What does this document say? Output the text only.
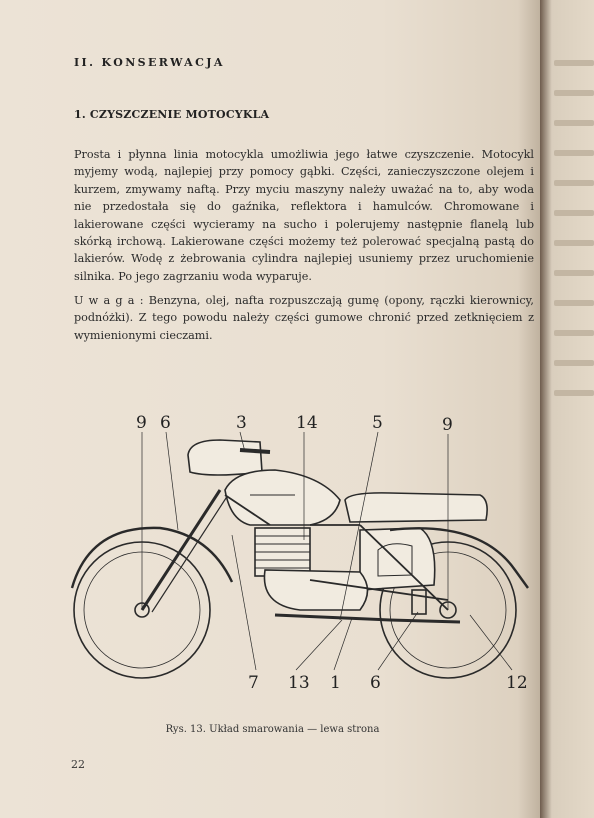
II. KONSERWACJA
1. CZYSZCZENIE MOTOCYKLA
Prosta i płynna linia motocykla umożliwia jego łatwe czyszczenie. Motocykl myjemy wodą, najlepiej przy pomocy gąbki. Części, zanieczyszczone olejem i kurzem, zmywamy naftą. Przy myciu maszyny należy uważać na to, aby woda nie przedostała się do gaźnika, reflektora i hamulców. Chromowane i lakierowane części wycieramy na sucho i polerujemy następnie flanelą lub skórką irchową. Lakierowane części możemy też polerować specjalną pastą do lakierów. Wodę z żebrowania cylindra najlepiej usuniemy przez uruchomienie silnika. Po jego zagrzaniu woda wyparuje.
U w a g a : Benzyna, olej, nafta rozpuszczają gumę (opony, rączki kierownicy, podnóżki). Z tego powodu należy części gumowe chronić przed zetknięciem z wymienionymi cieczami.
9 6	3	14	5	9
7 13 1 6	12
Rys. 13. Układ smarowania — lewa strona
22
